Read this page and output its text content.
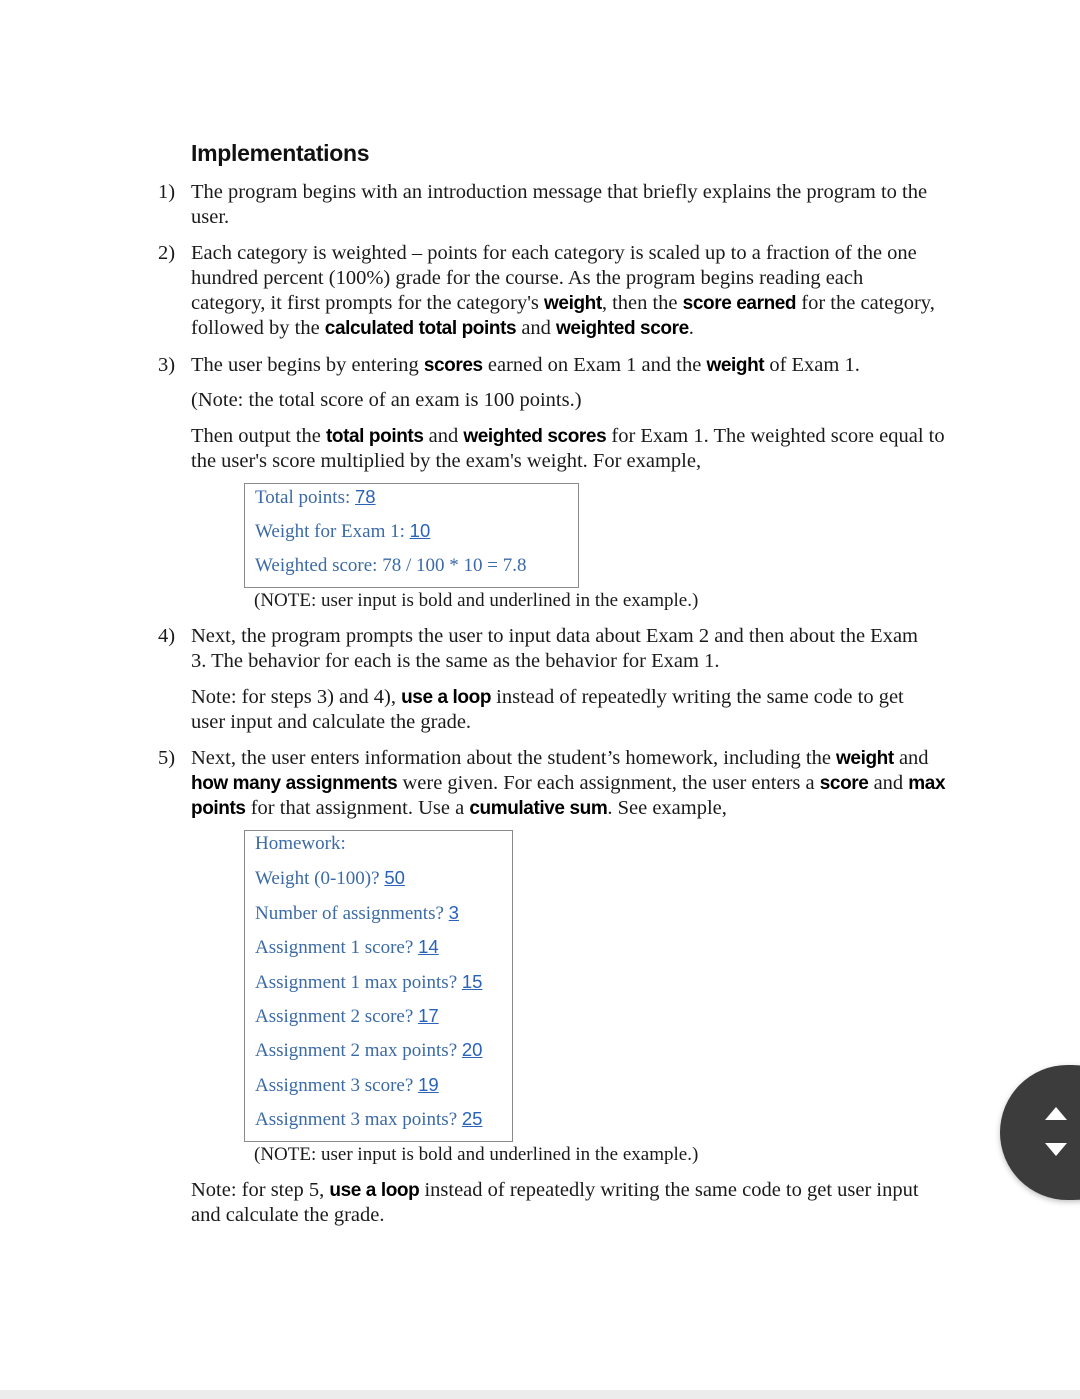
Implementations
1) The program begins with an introduction message that briefly explains the program to the
user.
2) Each category is weighted – points for each category is scaled up to a fraction of the one
hundred percent (100%) grade for the course. As the program begins reading each
category, it first prompts for the category's weight, then the score earned for the category,
followed by the calculated total points and weighted score.
3) The user begins by entering scores earned on Exam 1 and the weight of Exam 1.
(Note: the total score of an exam is 100 points.)
Then output the total points and weighted scores for Exam 1. The weighted score equal to
the user's score multiplied by the exam's weight. For example,
Total points: 78
Weight for Exam 1: 10
Weighted score: 78 / 100 * 10 = 7.8
(NOTE: user input is bold and underlined in the example.)
4) Next, the program prompts the user to input data about Exam 2 and then about the Exam
3. The behavior for each is the same as the behavior for Exam 1.
Note: for steps 3) and 4), use a loop instead of repeatedly writing the same code to get
user input and calculate the grade.
5) Next, the user enters information about the student’s homework, including the weight and
how many assignments were given. For each assignment, the user enters a score and max
points for that assignment. Use a cumulative sum. See example,
Homework:
Weight (0-100)? 50
Number of assignments? 3
Assignment 1 score? 14
Assignment 1 max points? 15
Assignment 2 score? 17
Assignment 2 max points? 20
Assignment 3 score? 19
Assignment 3 max points? 25
(NOTE: user input is bold and underlined in the example.)
Note: for step 5, use a loop instead of repeatedly writing the same code to get user input
and calculate the grade.
